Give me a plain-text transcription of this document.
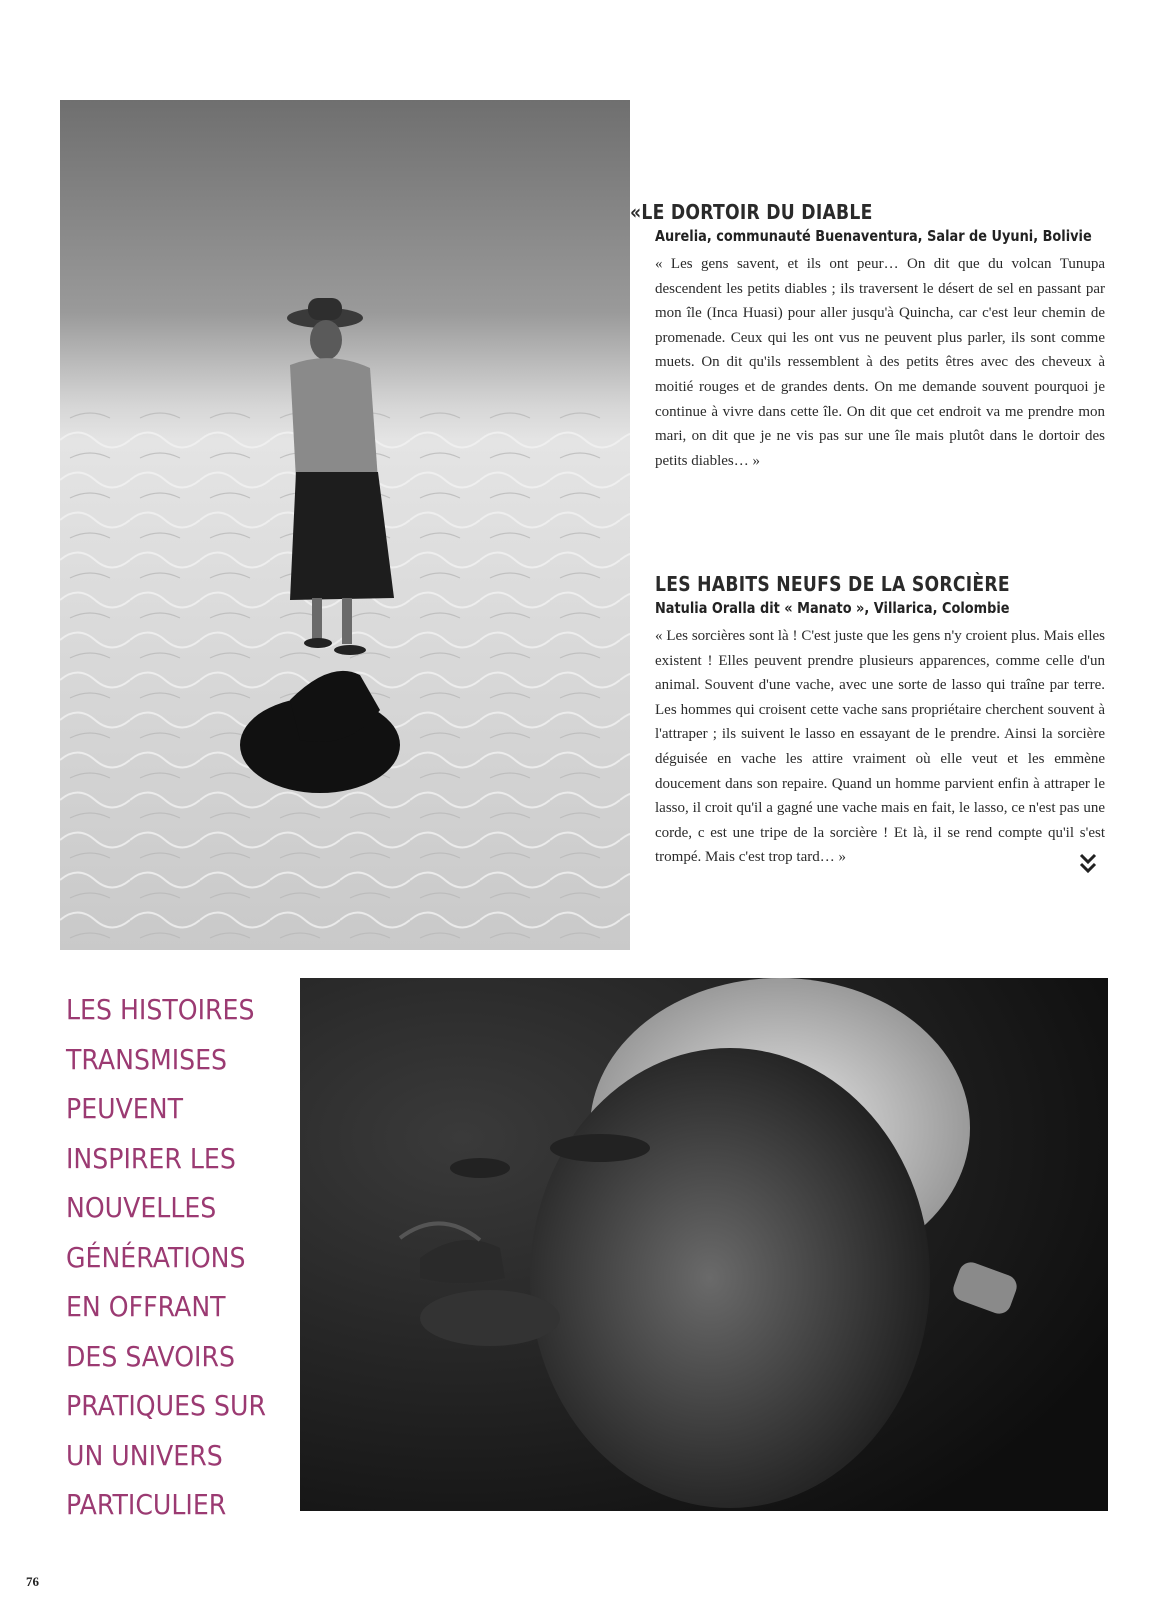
«LE DORTOIR DU DIABLE
Aurelia, communauté Buenaventura, Salar de Uyuni, Bolivie

« Les gens savent, et ils ont peur… On dit que du volcan Tunupa descendent les petits diables ; ils traversent le désert de sel en passant par mon île (Inca Huasi) pour aller jusqu'à Quincha, car c'est leur chemin de promenade. Ceux qui les ont vus ne peuvent plus parler, ils sont comme muets. On dit qu'ils ressemblent à des petits êtres avec des cheveux à moitié rouges et de grandes dents. On me demande souvent pourquoi je continue à vivre dans cette île. On dit que cet endroit va me prendre mon mari, on dit que je ne vis pas sur une île mais plutôt dans le dortoir des petits diables… »

LES HABITS NEUFS DE LA SORCIÈRE
Natulia Oralla dit « Manato », Villarica, Colombie

« Les sorcières sont là ! C'est juste que les gens n'y croient plus. Mais elles existent ! Elles peuvent prendre plusieurs apparences, comme celle d'un animal. Souvent d'une vache, avec une sorte de lasso qui traîne par terre. Les hommes qui croisent cette vache sans propriétaire cherchent souvent à l'attraper ; ils suivent le lasso en essayant de le prendre. Ainsi la sorcière déguisée en vache les attire vraiment où elle veut et les emmène doucement dans son repaire. Quand un homme parvient enfin à attraper le lasso, il croit qu'il a gagné une vache mais en fait, le lasso, ce n'est pas une corde, c est une tripe de la sorcière ! Et là, il se rend compte qu'il s'est trompé. Mais c'est trop tard… »

LES HISTOIRES
TRANSMISES
PEUVENT
INSPIRER LES
NOUVELLES
GÉNÉRATIONS
EN OFFRANT
DES SAVOIRS
PRATIQUES SUR
UN UNIVERS
PARTICULIER

76
